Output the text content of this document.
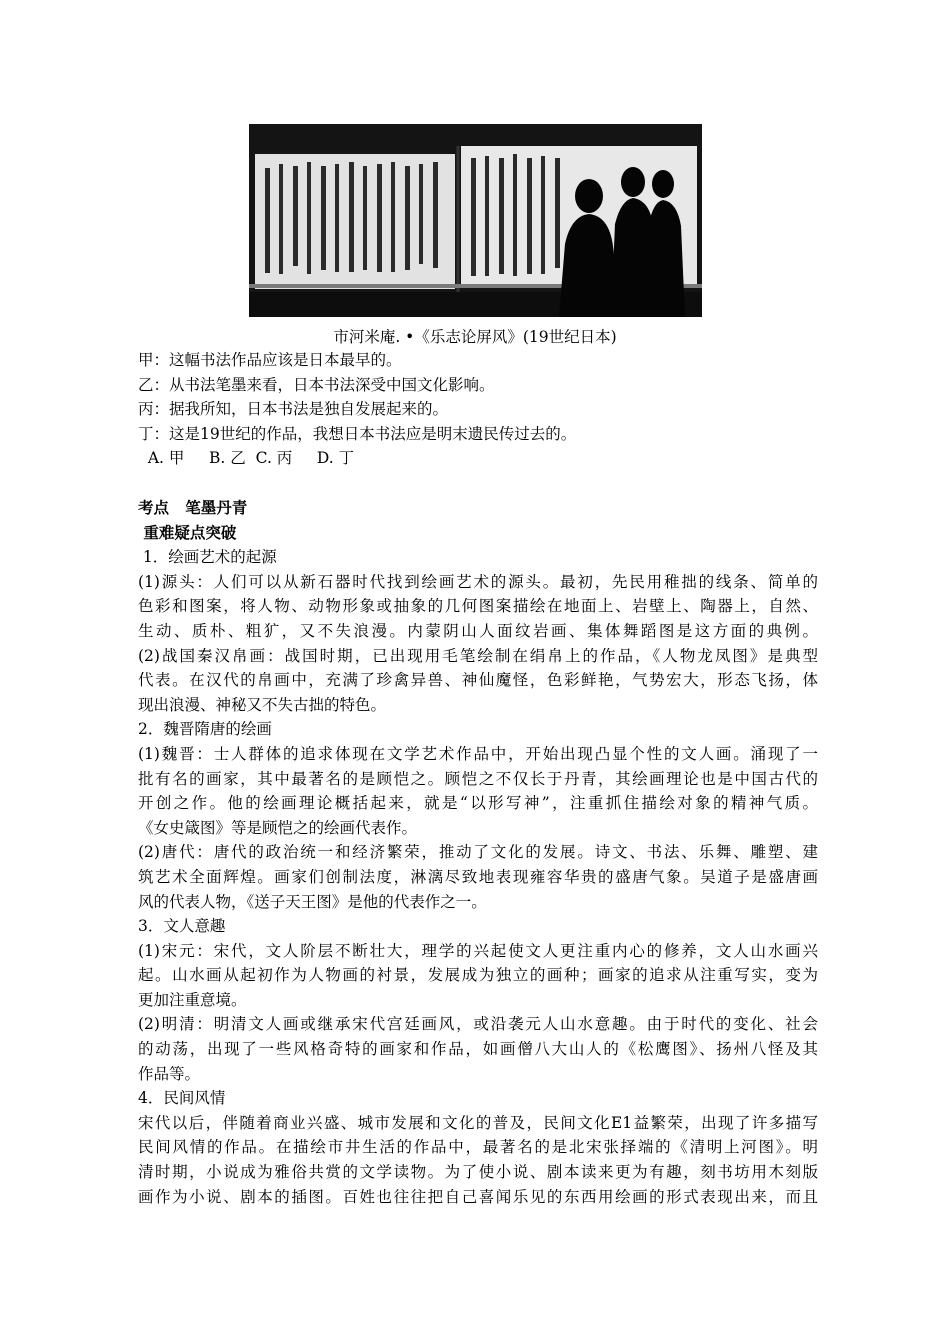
市河米庵. •《乐志论屏风》(19世纪日本)
甲：这幅书法作品应该是日本最早的。
乙：从书法笔墨来看，日本书法深受中国文化影响。
丙：据我所知，日本书法是独自发展起来的。
丁：这是19世纪的作品，我想日本书法应是明末遗民传过去的。
A. 甲     B. 乙  C. 丙     D. 丁
考点   笔墨丹青
重难疑点突破
1．绘画艺术的起源
(1)源头：人们可以从新石器时代找到绘画艺术的源头。最初，先民用稚拙的线条、简单的
色彩和图案，将人物、动物形象或抽象的几何图案描绘在地面上、岩壁上、陶器上，自然、
生动、质朴、粗犷，又不失浪漫。内蒙阴山人面纹岩画、集体舞蹈图是这方面的典例。
(2)战国秦汉帛画：战国时期，已出现用毛笔绘制在绢帛上的作品，《人物龙凤图》是典型
代表。在汉代的帛画中，充满了珍禽异兽、神仙魔怪，色彩鲜艳，气势宏大，形态飞扬，体
现出浪漫、神秘又不失古拙的特色。
2．魏晋隋唐的绘画
(1)魏晋：士人群体的追求体现在文学艺术作品中，开始出现凸显个性的文人画。涌现了一
批有名的画家，其中最著名的是顾恺之。顾恺之不仅长于丹青，其绘画理论也是中国古代的
开创之作。他的绘画理论概括起来，就是“以形写神”，注重抓住描绘对象的精神气质。
《女史箴图》等是顾恺之的绘画代表作。
(2)唐代：唐代的政治统一和经济繁荣，推动了文化的发展。诗文、书法、乐舞、雕塑、建
筑艺术全面辉煌。画家们创制法度，淋漓尽致地表现雍容华贵的盛唐气象。吴道子是盛唐画
风的代表人物，《送子天王图》是他的代表作之一。
3．文人意趣
(1)宋元：宋代，文人阶层不断壮大，理学的兴起使文人更注重内心的修养，文人山水画兴
起。山水画从起初作为人物画的衬景，发展成为独立的画种；画家的追求从注重写实，变为
更加注重意境。
(2)明清：明清文人画或继承宋代宫廷画风，或沿袭元人山水意趣。由于时代的变化、社会
的动荡，出现了一些风格奇特的画家和作品，如画僧八大山人的《松鹰图》、扬州八怪及其
作品等。
4．民间风情
宋代以后，伴随着商业兴盛、城市发展和文化的普及，民间文化E1益繁荣，出现了许多描写
民间风情的作品。在描绘市井生活的作品中，最著名的是北宋张择端的《清明上河图》。明
清时期，小说成为雅俗共赏的文学读物。为了使小说、剧本读来更为有趣，刻书坊用木刻版
画作为小说、剧本的插图。百姓也往往把自己喜闻乐见的东西用绘画的形式表现出来，而且
